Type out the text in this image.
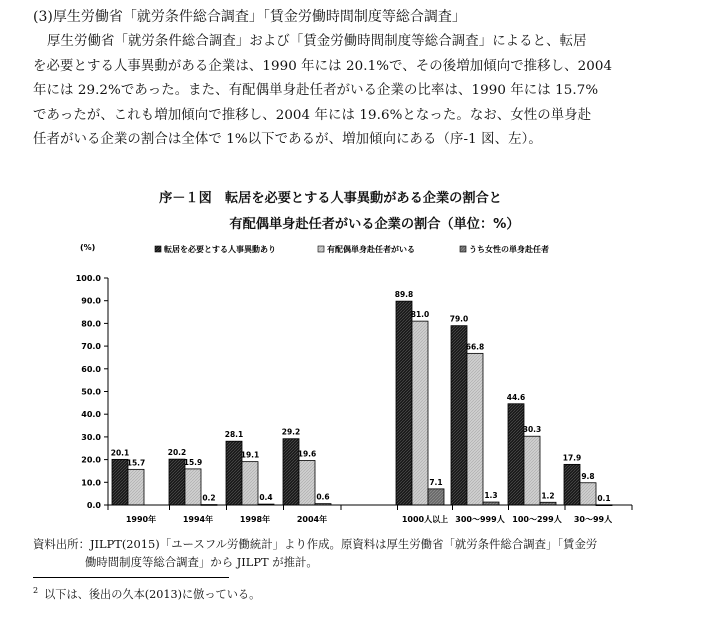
(3)厚生労働省「就労条件総合調査」「賃金労働時間制度等総合調査」
厚生労働省「就労条件総合調査」および「賃金労働時間制度等総合調査」によると、転居
を必要とする人事異動がある企業は、1990 年には 20.1%で、その後増加傾向で推移し、2004
年には 29.2%であった。また、有配偶単身赴任者がいる企業の比率は、1990 年には 15.7%
であったが、これも増加傾向で推移し、2004 年には 19.6%となった。なお、女性の単身赴
任者がいる企業の割合は全体で 1%以下であるが、増加傾向にある（序-1 図、左）。
序－１図　転居を必要とする人事異動がある企業の割合と
有配偶単身赴任者がいる企業の割合（単位：%）
(%)	転居を必要とする人事異動あり	有配偶単身赴任者がいる	うち女性の単身赴任者
0.0
10.0
20.0
30.0
40.0
50.0
60.0
70.0
80.0
90.0
100.0
20.1
15.7
20.2
15.9
0.2
28.1
19.1
0.4
29.2
19.6
0.6
89.8
81.0
7.1
79.0
66.8
1.3
44.6
30.3
1.2
17.9
9.8
0.1
1990年	1994年	1998年	2004年	1000人以上 300～999人 100～299人 30～99人
資料出所：JILPT(2015)「ユースフル労働統計」より作成。原資料は厚生労働省「就労条件総合調査」「賃金労
働時間制度等総合調査」から JILPT が推計。
$^2$ 以下は、後出の久本(2013)に倣っている。
